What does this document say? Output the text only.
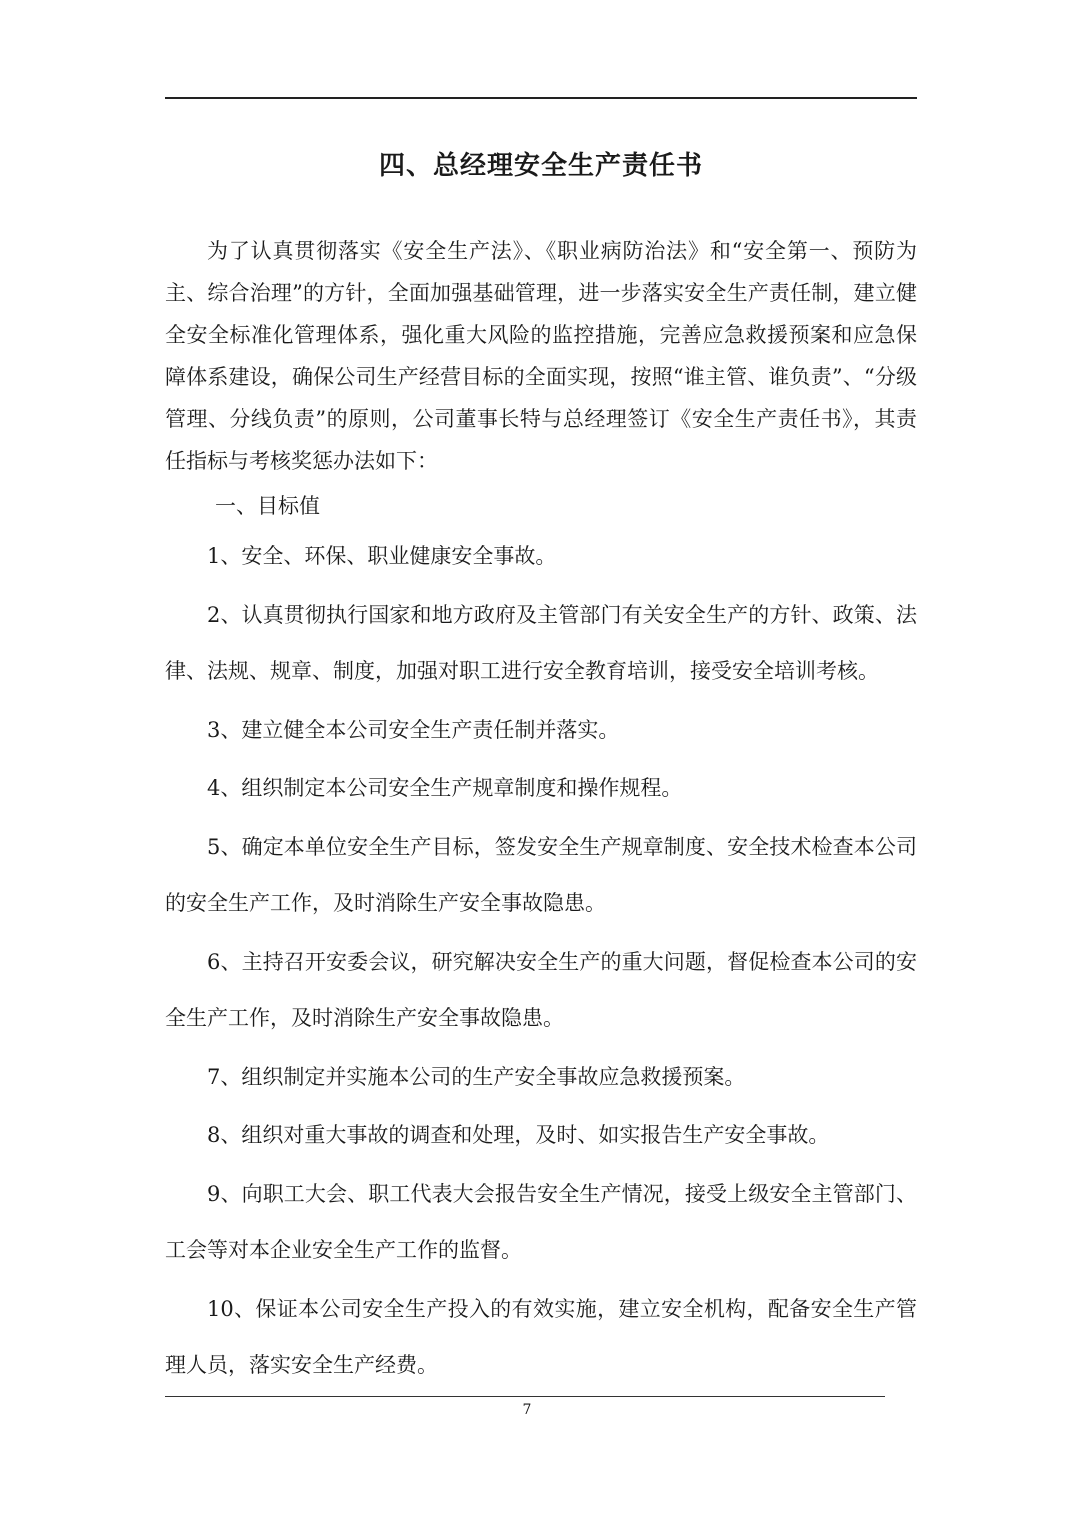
四、总经理安全生产责任书

为了认真贯彻落实《安全生产法》、《职业病防治法》和“安全第一、预防为主、综合治理”的方针，全面加强基础管理，进一步落实安全生产责任制，建立健全安全标准化管理体系，强化重大风险的监控措施，完善应急救援预案和应急保障体系建设，确保公司生产经营目标的全面实现，按照“谁主管、谁负责”、“分级管理、分线负责”的原则，公司董事长特与总经理签订《安全生产责任书》，其责任指标与考核奖惩办法如下：

一、目标值

1、安全、环保、职业健康安全事故。

2、认真贯彻执行国家和地方政府及主管部门有关安全生产的方针、政策、法律、法规、规章、制度，加强对职工进行安全教育培训，接受安全培训考核。

3、建立健全本公司安全生产责任制并落实。

4、组织制定本公司安全生产规章制度和操作规程。

5、确定本单位安全生产目标，签发安全生产规章制度、安全技术检查本公司的安全生产工作，及时消除生产安全事故隐患。

6、主持召开安委会议，研究解决安全生产的重大问题，督促检查本公司的安全生产工作，及时消除生产安全事故隐患。

7、组织制定并实施本公司的生产安全事故应急救援预案。

8、组织对重大事故的调查和处理，及时、如实报告生产安全事故。

9、向职工大会、职工代表大会报告安全生产情况，接受上级安全主管部门、工会等对本企业安全生产工作的监督。

10、保证本公司安全生产投入的有效实施，建立安全机构，配备安全生产管理人员，落实安全生产经费。

7
